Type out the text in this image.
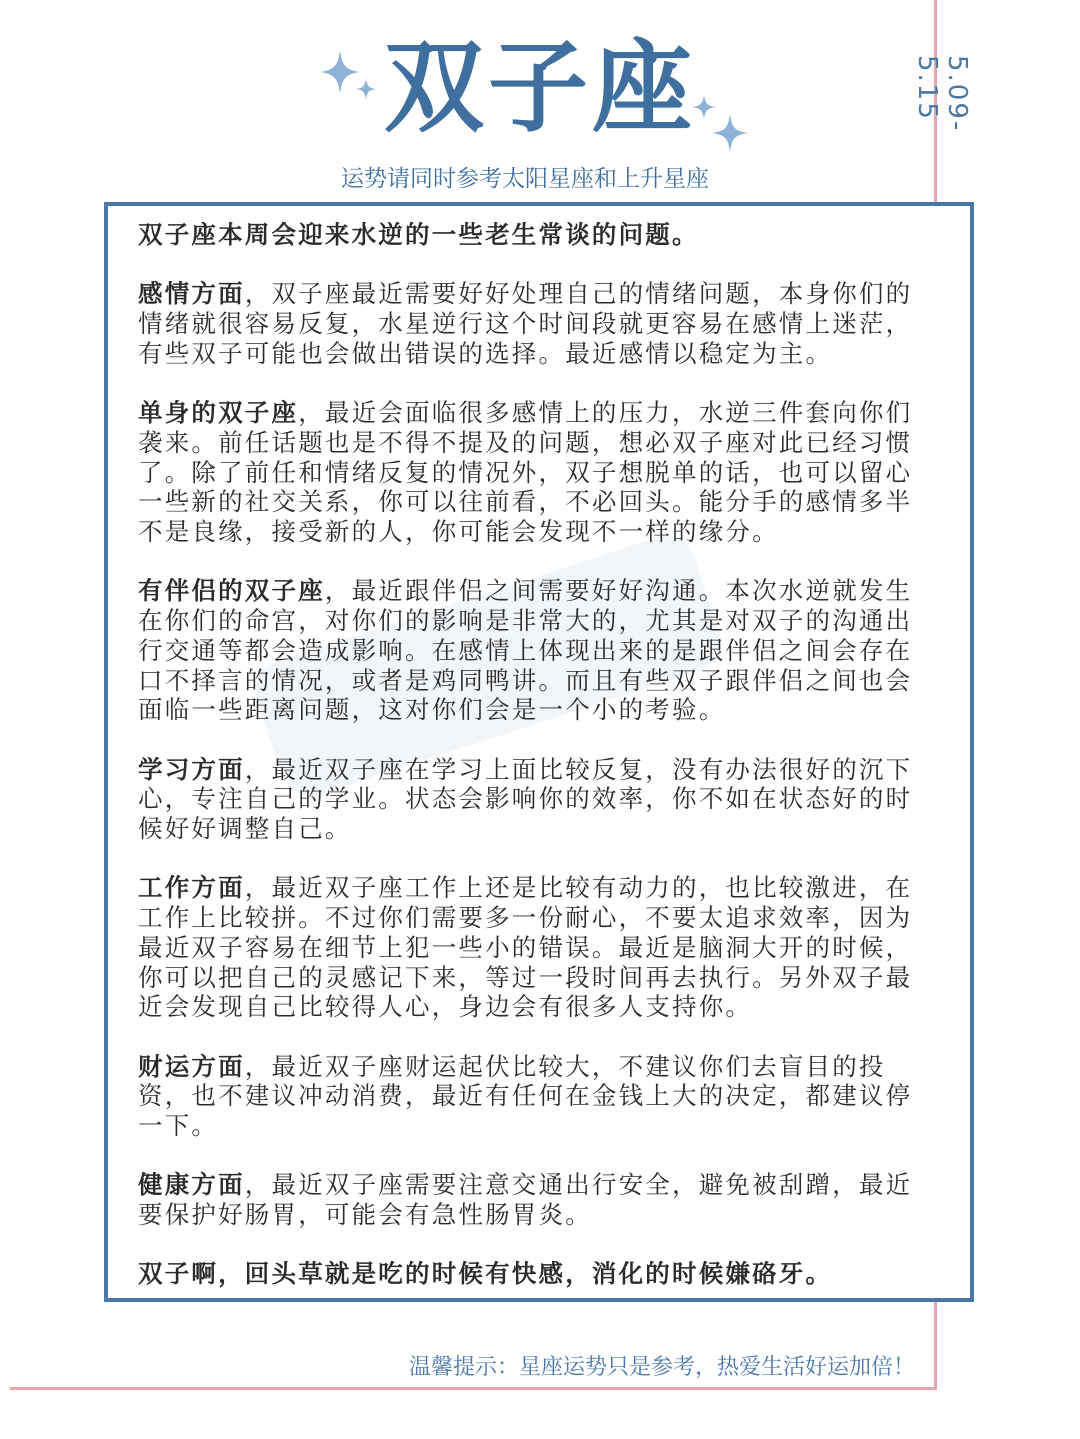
5.09-5.15
双子座
运势请同时参考太阳星座和上升星座

双子座本周会迎来水逆的一些老生常谈的问题。

感情方面，双子座最近需要好好处理自己的情绪问题，本身你们的情绪就很容易反复，水星逆行这个时间段就更容易在感情上迷茫，有些双子可能也会做出错误的选择。最近感情以稳定为主。

单身的双子座，最近会面临很多感情上的压力，水逆三件套向你们袭来。前任话题也是不得不提及的问题，想必双子座对此已经习惯了。除了前任和情绪反复的情况外，双子想脱单的话，也可以留心一些新的社交关系，你可以往前看，不必回头。能分手的感情多半不是良缘，接受新的人，你可能会发现不一样的缘分。

有伴侣的双子座，最近跟伴侣之间需要好好沟通。本次水逆就发生在你们的命宫，对你们的影响是非常大的，尤其是对双子的沟通出行交通等都会造成影响。在感情上体现出来的是跟伴侣之间会存在口不择言的情况，或者是鸡同鸭讲。而且有些双子跟伴侣之间也会面临一些距离问题，这对你们会是一个小的考验。

学习方面，最近双子座在学习上面比较反复，没有办法很好的沉下心，专注自己的学业。状态会影响你的效率，你不如在状态好的时候好好调整自己。

工作方面，最近双子座工作上还是比较有动力的，也比较激进，在工作上比较拼。不过你们需要多一份耐心，不要太追求效率，因为最近双子容易在细节上犯一些小的错误。最近是脑洞大开的时候，你可以把自己的灵感记下来，等过一段时间再去执行。另外双子最近会发现自己比较得人心，身边会有很多人支持你。

财运方面，最近双子座财运起伏比较大，不建议你们去盲目的投资，也不建议冲动消费，最近有任何在金钱上大的决定，都建议停一下。

健康方面，最近双子座需要注意交通出行安全，避免被刮蹭，最近要保护好肠胃，可能会有急性肠胃炎。

双子啊，回头草就是吃的时候有快感，消化的时候嫌硌牙。

温馨提示：星座运势只是参考，热爱生活好运加倍！
